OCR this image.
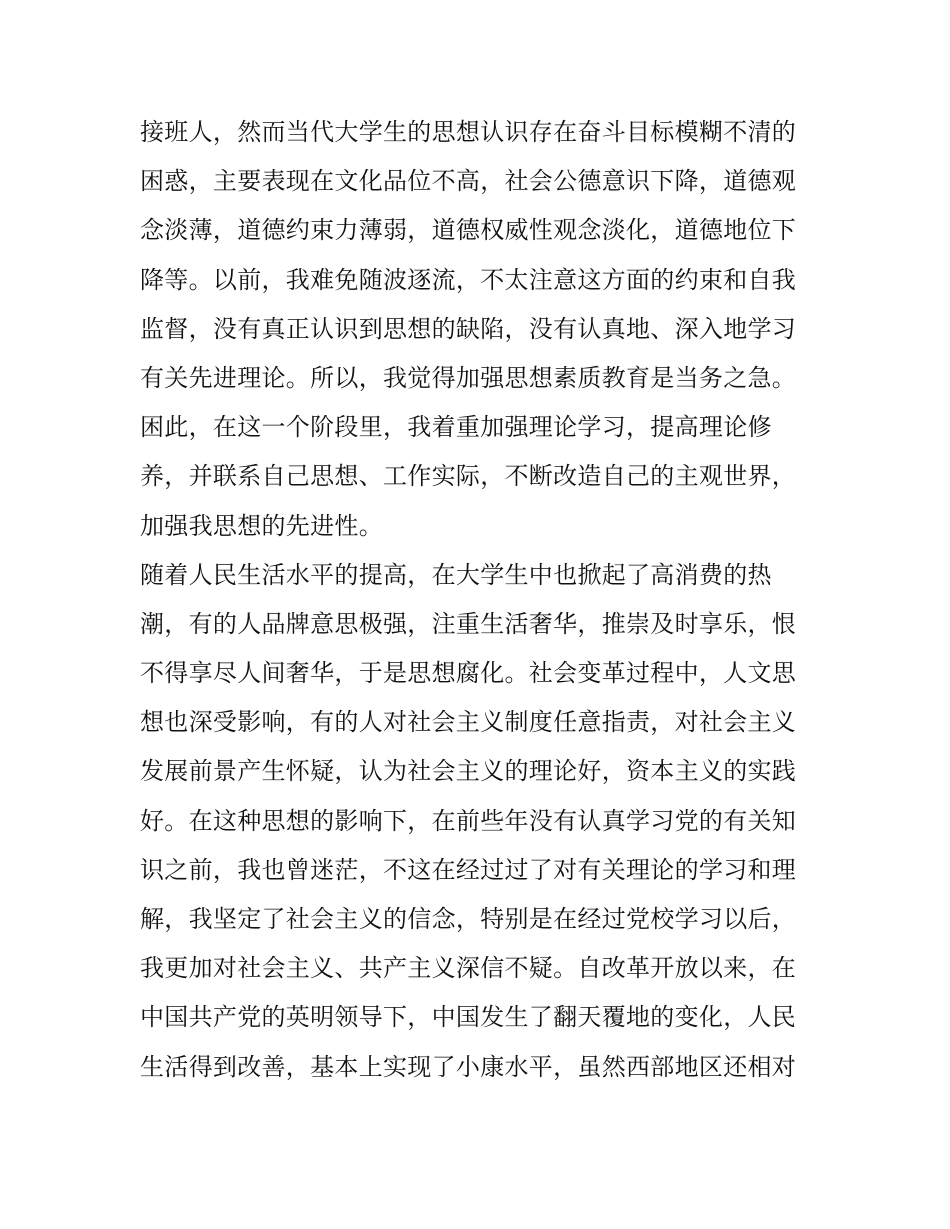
接班人，然而当代大学生的思想认识存在奋斗目标模糊不清的
困惑，主要表现在文化品位不高，社会公德意识下降，道德观
念淡薄，道德约束力薄弱，道德权威性观念淡化，道德地位下
降等。以前，我难免随波逐流，不太注意这方面的约束和自我
监督，没有真正认识到思想的缺陷，没有认真地、深入地学习
有关先进理论。所以，我觉得加强思想素质教育是当务之急。
困此，在这一个阶段里，我着重加强理论学习，提高理论修
养，并联系自己思想、工作实际，不断改造自己的主观世界，
加强我思想的先进性。
随着人民生活水平的提高，在大学生中也掀起了高消费的热
潮，有的人品牌意思极强，注重生活奢华，推崇及时享乐，恨
不得享尽人间奢华，于是思想腐化。社会变革过程中，人文思
想也深受影响，有的人对社会主义制度任意指责，对社会主义
发展前景产生怀疑，认为社会主义的理论好，资本主义的实践
好。在这种思想的影响下，在前些年没有认真学习党的有关知
识之前，我也曾迷茫，不这在经过过了对有关理论的学习和理
解，我坚定了社会主义的信念，特别是在经过党校学习以后，
我更加对社会主义、共产主义深信不疑。自改革开放以来，在
中国共产党的英明领导下，中国发生了翻天覆地的变化，人民
生活得到改善，基本上实现了小康水平，虽然西部地区还相对
